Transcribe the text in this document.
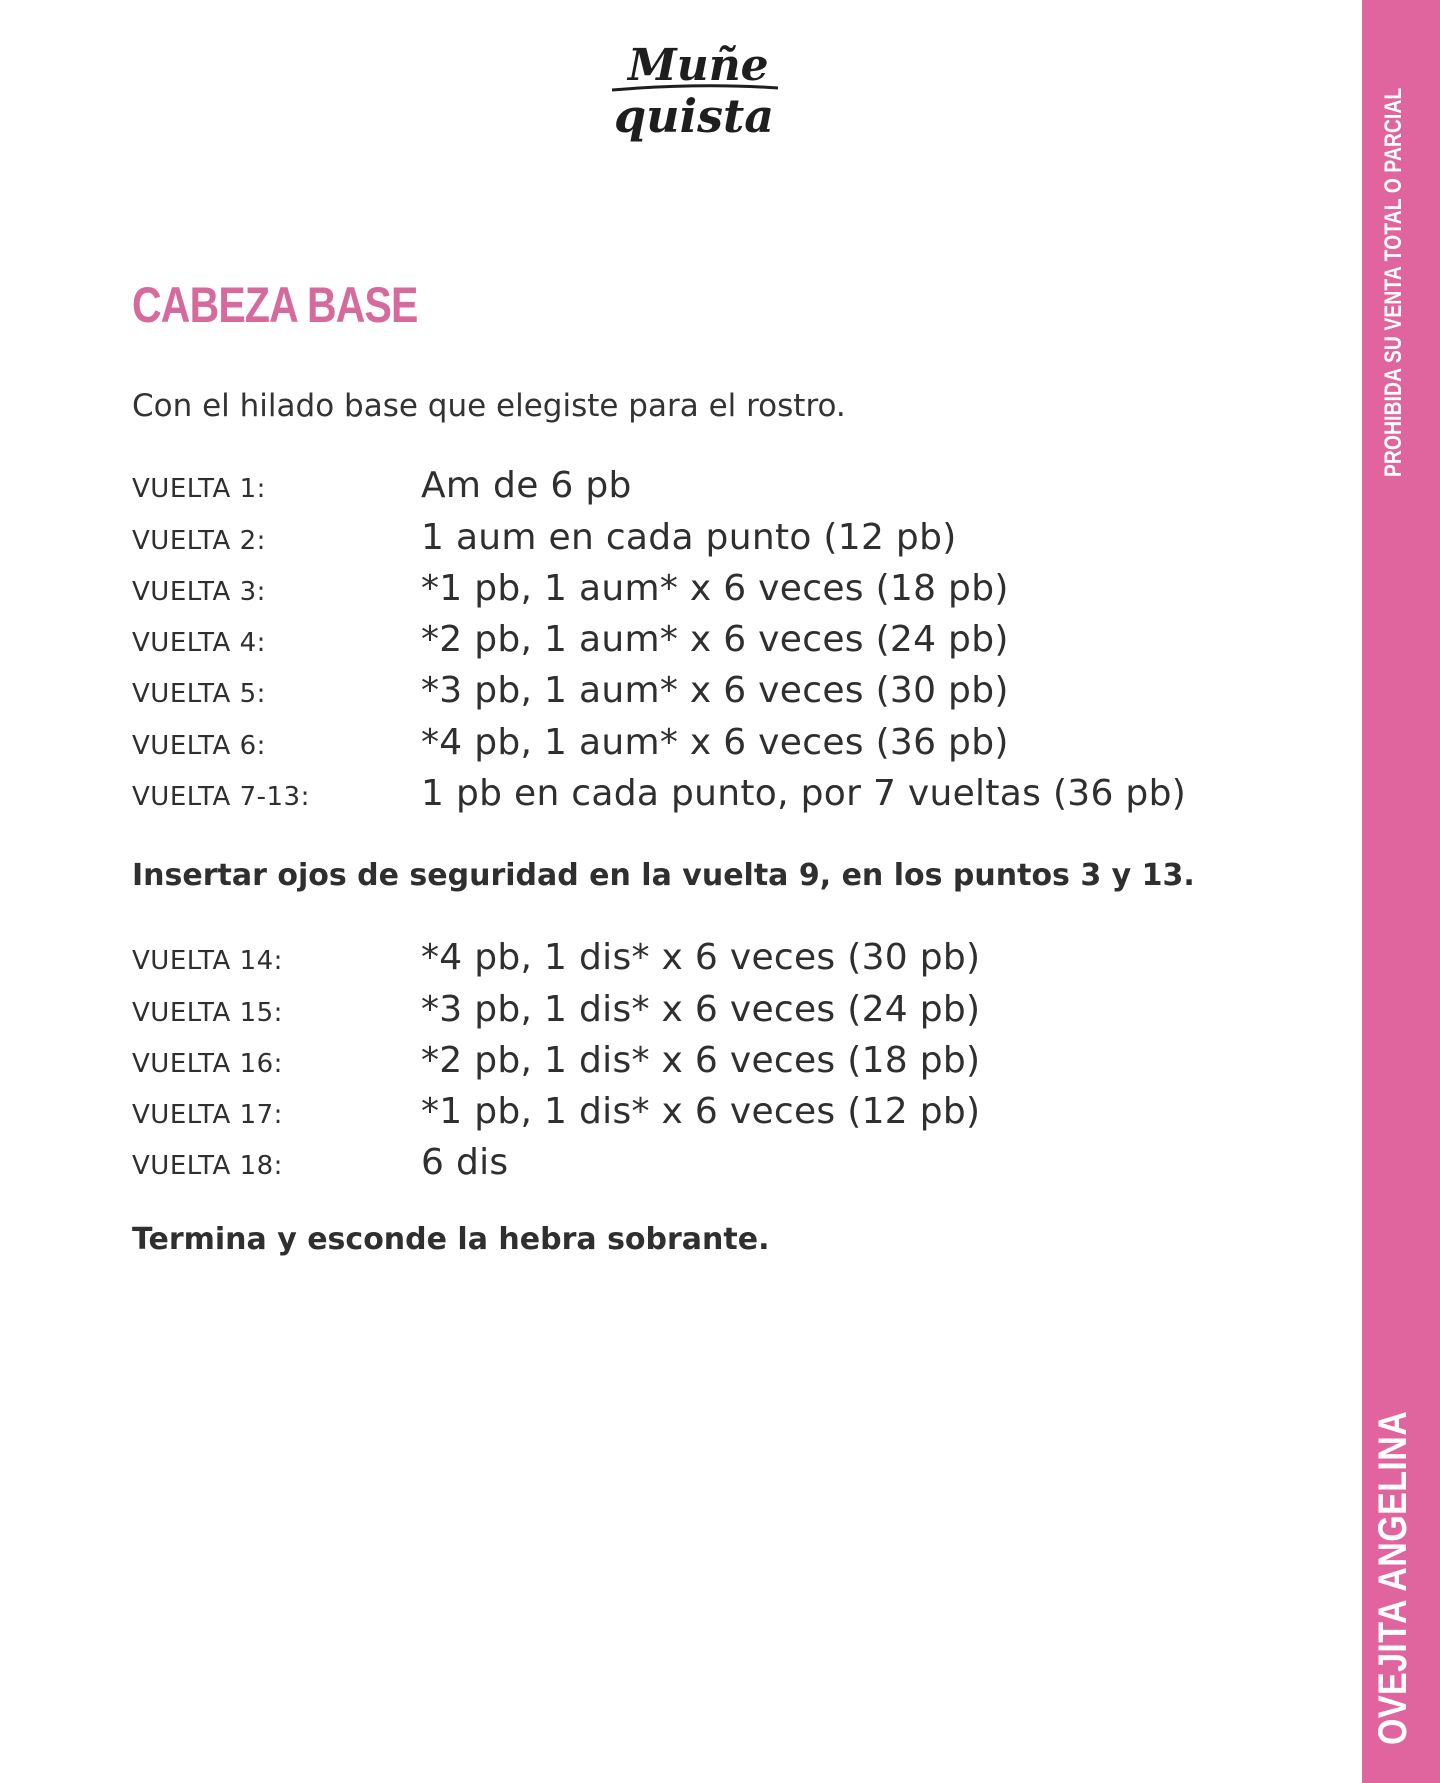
Muñe
quista
CABEZA BASE
Con el hilado base que elegiste para el rostro.
VUELTA 1:	Am de 6 pb
VUELTA 2:	1 aum en cada punto (12 pb)
VUELTA 3:	*1 pb, 1 aum* x 6 veces (18 pb)
VUELTA 4:	*2 pb, 1 aum* x 6 veces (24 pb)
VUELTA 5:	*3 pb, 1 aum* x 6 veces (30 pb)
VUELTA 6:	*4 pb, 1 aum* x 6 veces (36 pb)
VUELTA 7-13:	1 pb en cada punto, por 7 vueltas (36 pb)
Insertar ojos de seguridad en la vuelta 9, en los puntos 3 y 13.
VUELTA 14:	*4 pb, 1 dis* x 6 veces (30 pb)
VUELTA 15:	*3 pb, 1 dis* x 6 veces (24 pb)
VUELTA 16:	*2 pb, 1 dis* x 6 veces (18 pb)
VUELTA 17:	*1 pb, 1 dis* x 6 veces (12 pb)
VUELTA 18:	6 dis
Termina y esconde la hebra sobrante.
PROHIBIDA SU VENTA TOTAL O PARCIAL
OVEJITA ANGELINA
